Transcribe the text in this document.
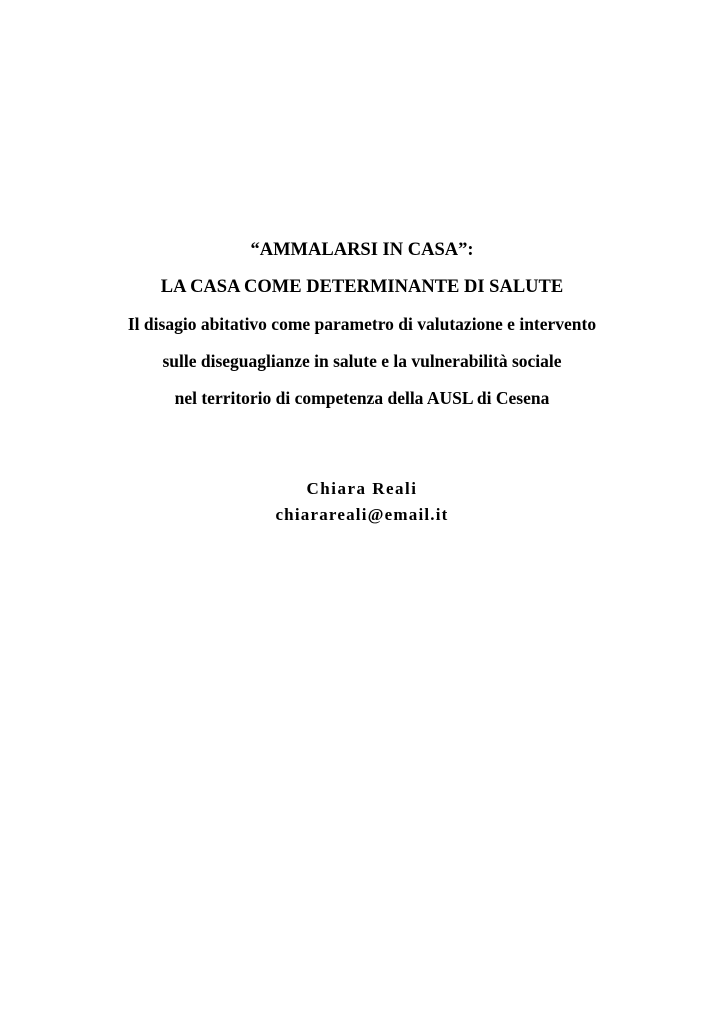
“AMMALARSI IN CASA”:
LA CASA COME DETERMINANTE DI SALUTE
Il disagio abitativo come parametro di valutazione e intervento
sulle diseguaglianze in salute e la vulnerabilità sociale
nel territorio di competenza della AUSL di Cesena
Chiara Reali
chiarareali@email.it
